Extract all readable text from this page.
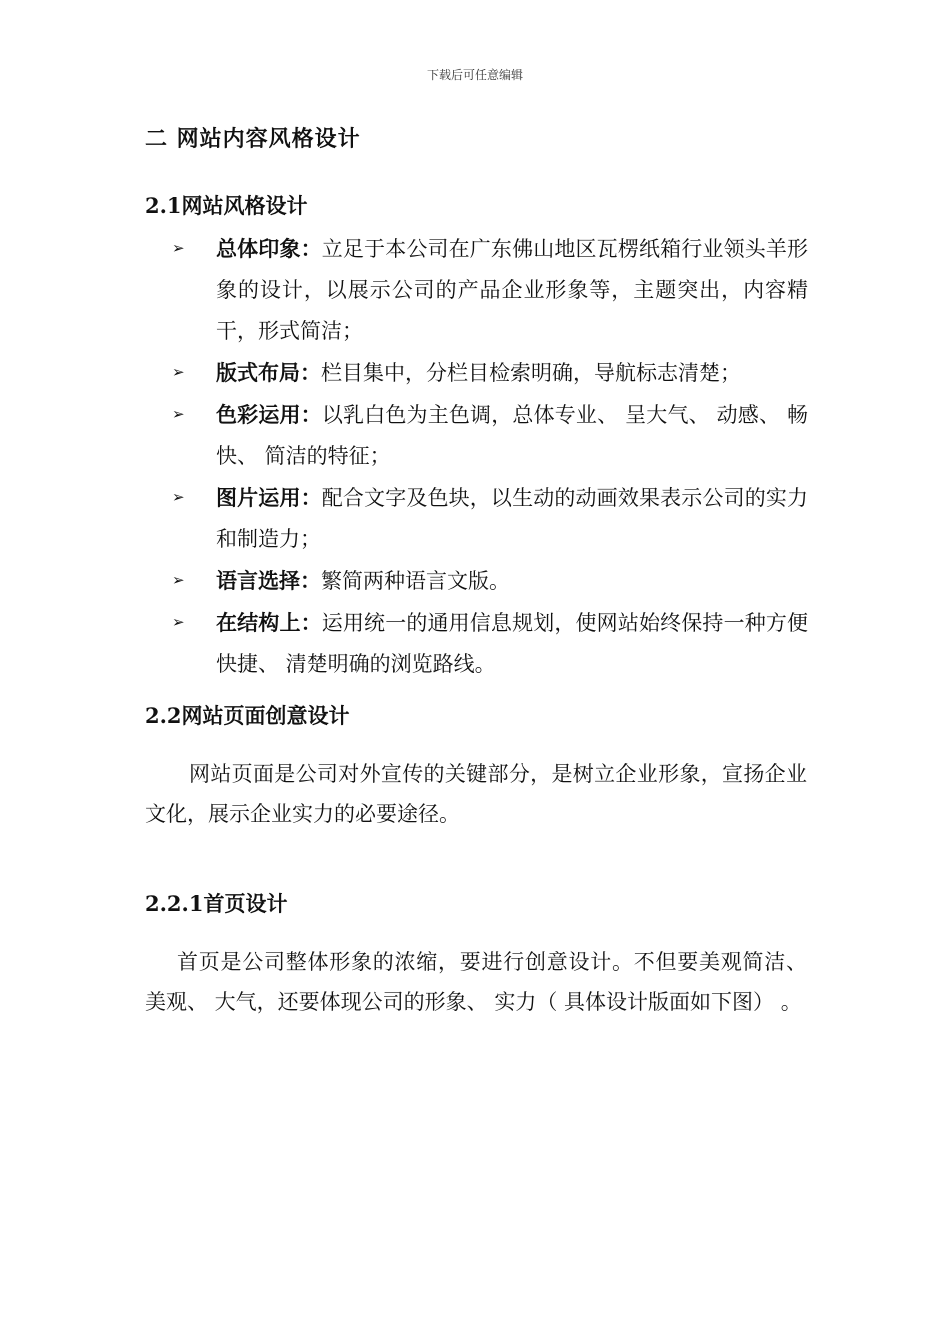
下载后可任意编辑
二 网站内容风格设计
2.1网站风格设计
➢ 总体印象：立足于本公司在广东佛山地区瓦楞纸箱行业领头羊形象的设计，以展示公司的产品企业形象等，主题突出，内容精干，形式简洁；
➢ 版式布局：栏目集中，分栏目检索明确，导航标志清楚；
➢ 色彩运用：以乳白色为主色调，总体专业、 呈大气、 动感、 畅快、 简洁的特征；
➢ 图片运用：配合文字及色块，以生动的动画效果表示公司的实力和制造力；
➢ 语言选择：繁简两种语言文版。
➢ 在结构上：运用统一的通用信息规划，使网站始终保持一种方便快捷、 清楚明确的浏览路线。
2.2网站页面创意设计

网站页面是公司对外宣传的关键部分，是树立企业形象，宣扬企业文化，展示企业实力的必要途径。

2.2.1首页设计

首页是公司整体形象的浓缩，要进行创意设计。不但要美观简洁、 美观、 大气，还要体现公司的形象、 实力（ 具体设计版面如下图） 。
